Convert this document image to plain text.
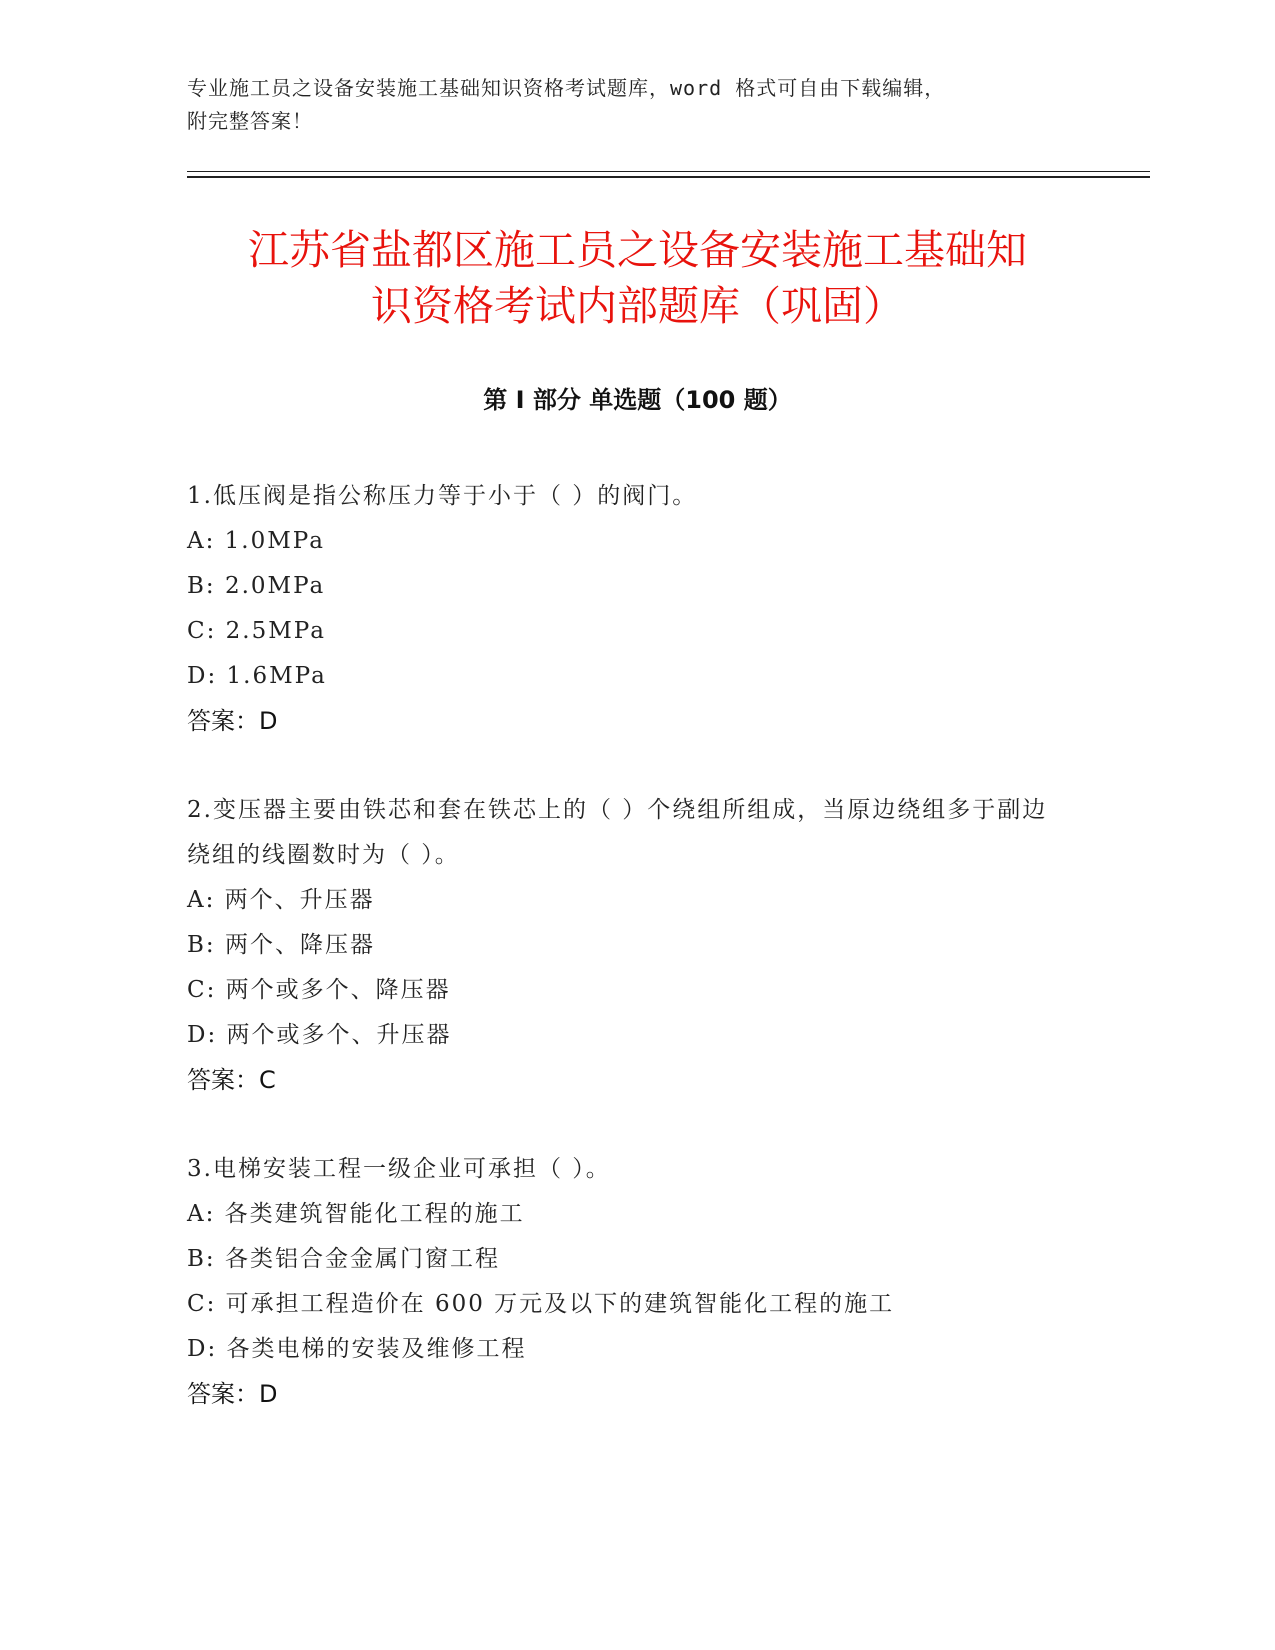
专业施工员之设备安装施工基础知识资格考试题库，word 格式可自由下载编辑，
附完整答案！
江苏省盐都区施工员之设备安装施工基础知
识资格考试内部题库（巩固）
第 I 部分 单选题（100 题）
1.低压阀是指公称压力等于小于（ ）的阀门。
A: 1.0MPa
B: 2.0MPa
C: 2.5MPa
D: 1.6MPa
答案：D
2.变压器主要由铁芯和套在铁芯上的（ ）个绕组所组成，当原边绕组多于副边绕组的线圈数时为（ ）。
A: 两个、升压器
B: 两个、降压器
C: 两个或多个、降压器
D: 两个或多个、升压器
答案：C
3.电梯安装工程一级企业可承担（ ）。
A: 各类建筑智能化工程的施工
B: 各类铝合金金属门窗工程
C: 可承担工程造价在 600 万元及以下的建筑智能化工程的施工
D: 各类电梯的安装及维修工程
答案：D
